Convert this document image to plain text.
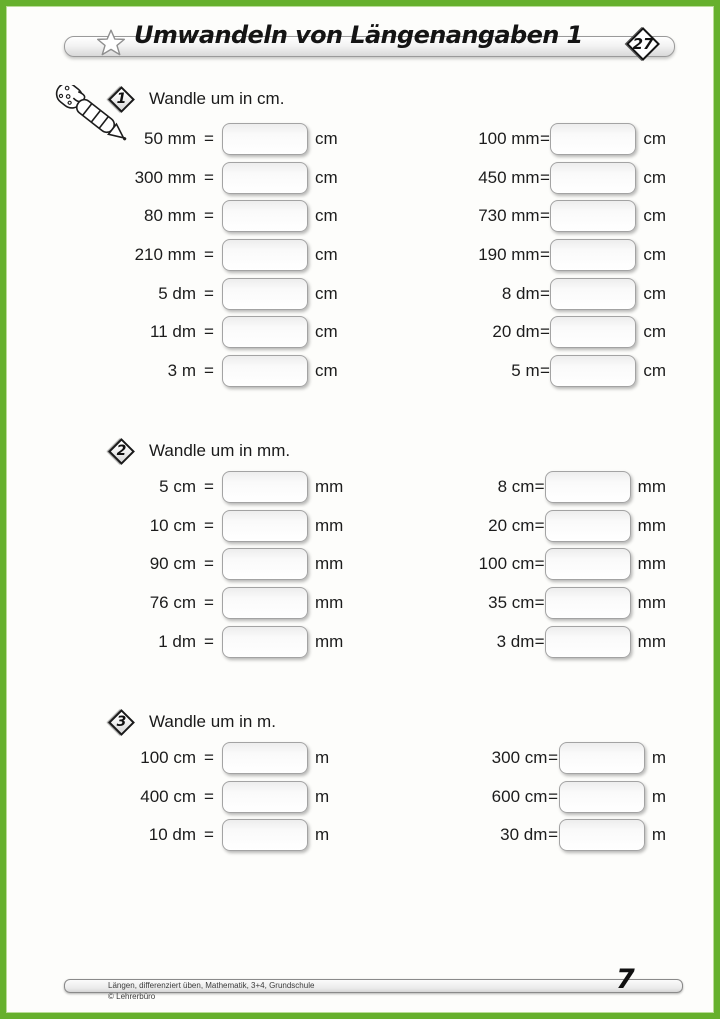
Umwandeln von Längenangaben 1	27
1	Wandle um in cm.
50 mm =	cm
300 mm =	cm
80 mm =	cm
210 mm =	cm
5 dm =	cm
11 dm =	cm
3 m =	cm
100 mm =	cm
450 mm =	cm
730 mm =	cm
190 mm =	cm
8 dm =	cm
20 dm =	cm
5 m =	cm
2	Wandle um in mm.
5 cm =	mm
10 cm =	mm
90 cm =	mm
76 cm =	mm
1 dm =	mm
8 cm =	mm
20 cm =	mm
100 cm =	mm
35 cm =	mm
3 dm =	mm
3	Wandle um in m.
100 cm =	m
400 cm =	m
10 dm =	m
300 cm =	m
600 cm =	m
30 dm =	m
Längen, differenziert üben, Mathematik, 3+4, Grundschule
© Lehrerbüro
7
